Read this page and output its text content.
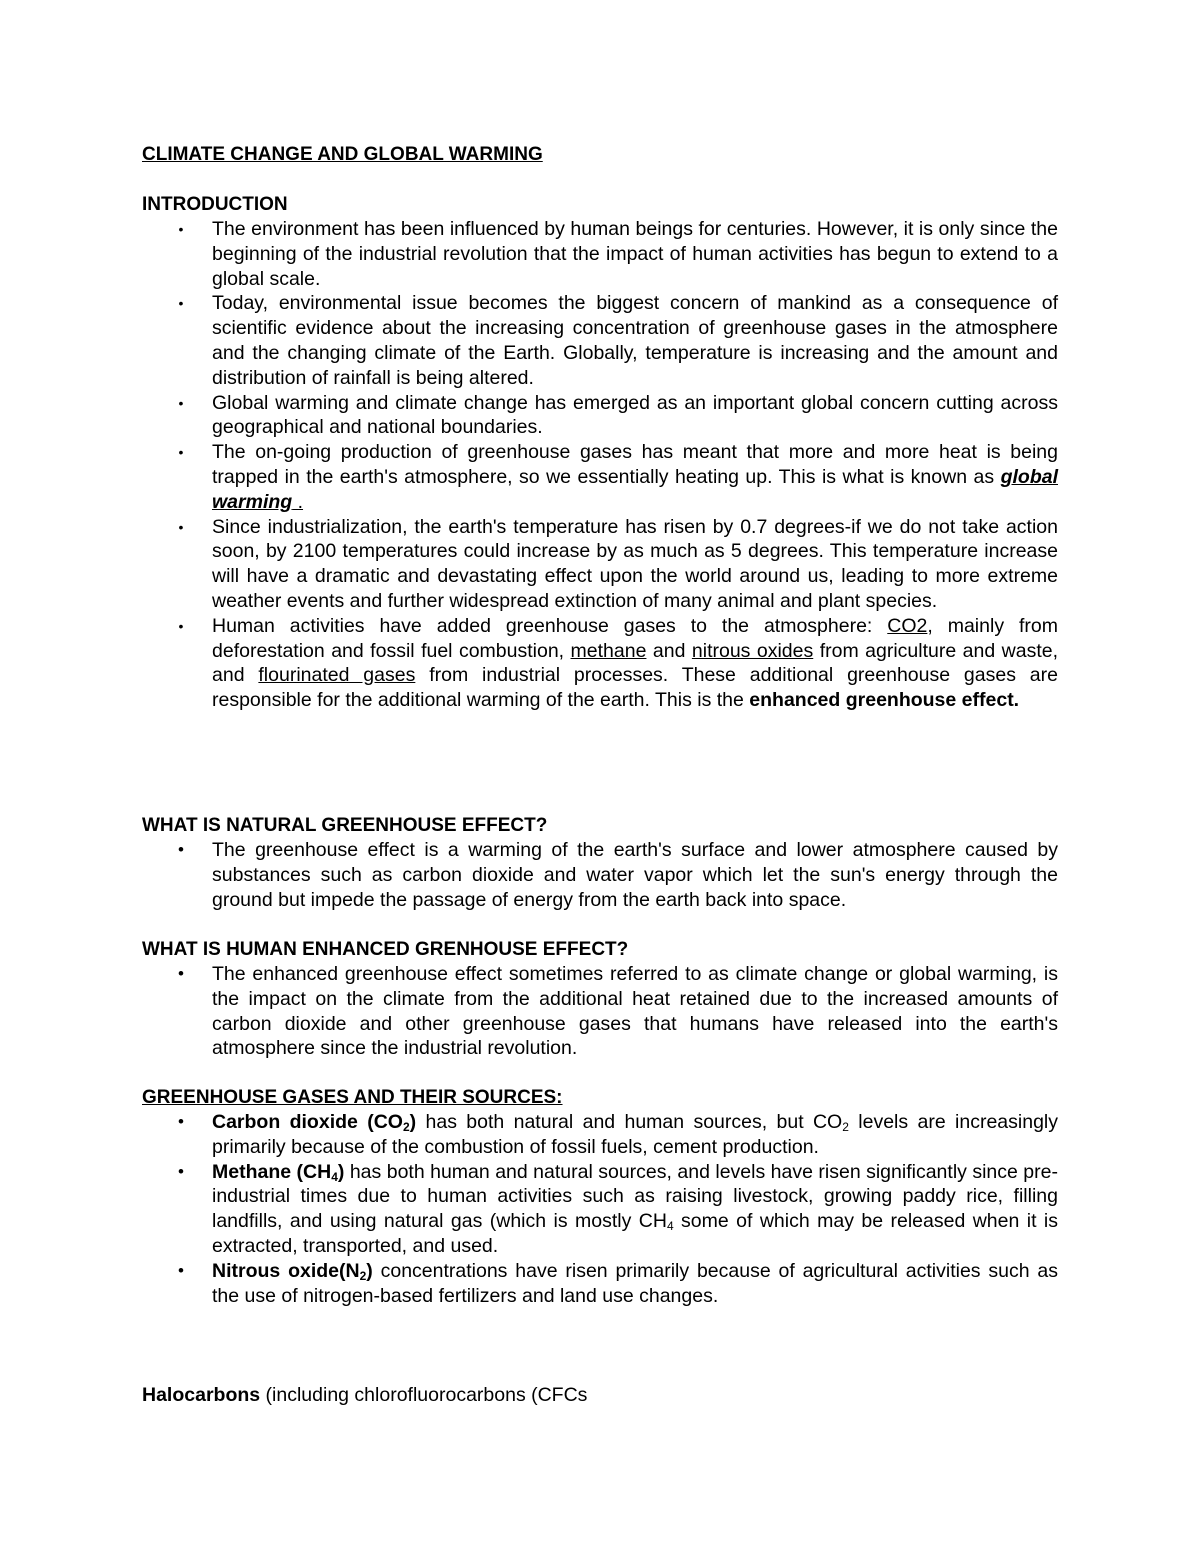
CLIMATE CHANGE AND GLOBAL WARMING
INTRODUCTION
• The environment has been influenced by human beings for centuries. However, it is only since the beginning of the industrial revolution that the impact of human activities has begun to extend to a global scale.
• Today, environmental issue becomes the biggest concern of mankind as a consequence of scientific evidence about the increasing concentration of greenhouse gases in the atmosphere and the changing climate of the Earth. Globally, temperature is increasing and the amount and distribution of rainfall is being altered.
• Global warming and climate change has emerged as an important global concern cutting across geographical and national boundaries.
• The on-going production of greenhouse gases has meant that more and more heat is being trapped in the earth's atmosphere, so we essentially heating up. This is what is known as global warming .
• Since industrialization, the earth's temperature has risen by 0.7 degrees-if we do not take action soon, by 2100 temperatures could increase by as much as 5 degrees. This temperature increase will have a dramatic and devastating effect upon the world around us, leading to more extreme weather events and further widespread extinction of many animal and plant species.
• Human activities have added greenhouse gases to the atmosphere: CO2, mainly from deforestation and fossil fuel combustion, methane and nitrous oxides from agriculture and waste, and flourinated gases from industrial processes. These additional greenhouse gases are responsible for the additional warming of the earth. This is the enhanced greenhouse effect.
WHAT IS NATURAL GREENHOUSE EFFECT?
• The greenhouse effect is a warming of the earth's surface and lower atmosphere caused by substances such as carbon dioxide and water vapor which let the sun's energy through the ground but impede the passage of energy from the earth back into space.
WHAT IS HUMAN ENHANCED GRENHOUSE EFFECT?
• The enhanced greenhouse effect sometimes referred to as climate change or global warming, is the impact on the climate from the additional heat retained due to the increased amounts of carbon dioxide and other greenhouse gases that humans have released into the earth's atmosphere since the industrial revolution.
GREENHOUSE GASES AND THEIR SOURCES:
• Carbon dioxide $(CO_2)$ has both natural and human sources, but $CO_2$ levels are increasingly primarily because of the combustion of fossil fuels, cement production.
• Methane $(CH_4)$ has both human and natural sources, and levels have risen significantly since pre-industrial times due to human activities such as raising livestock, growing paddy rice, filling landfills, and using natural gas (which is mostly $CH_4$ some of which may be released when it is extracted, transported, and used.
• Nitrous $oxide(N_2)$ concentrations have risen primarily because of agricultural activities such as the use of nitrogen-based fertilizers and land use changes.
Halocarbons (including chlorofluorocarbons (CFCs
